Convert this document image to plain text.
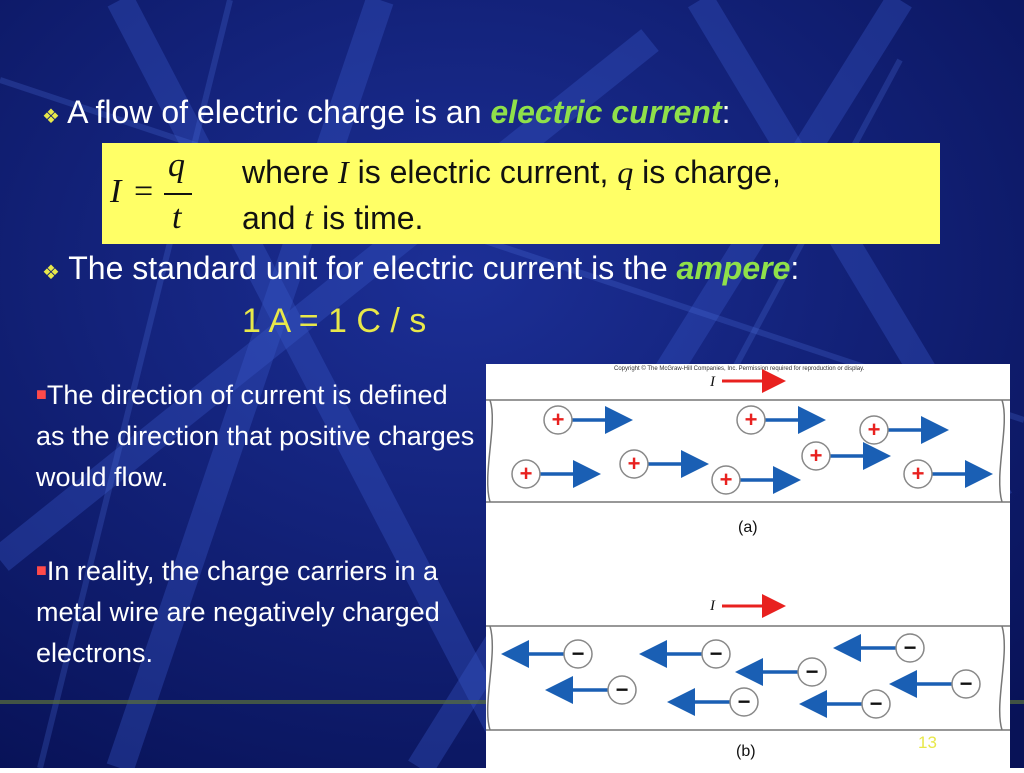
❖ A flow of electric charge is an electric current:
I =
q
t
where I is electric current, q is charge,
and t is time.
❖ The standard unit for electric current is the ampere:
1 A = 1 C / s
■The direction of current is defined as the direction that positive charges would flow.
■In reality, the charge carriers in a metal wire are negatively charged electrons.
Copyright © The McGraw-Hill Companies, Inc. Permission required for reproduction or display.
I
+	+	+
+	+
+
+
+
(a)
I
−	−	−
−
−	−
−	−
(b)	13
